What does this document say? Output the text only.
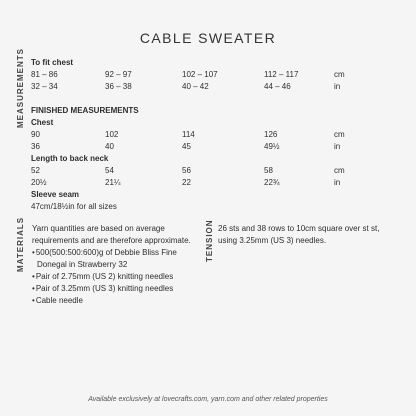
CABLE SWEATER
MEASUREMENTS
MATERIALS	TENSION
To fit chest
81 – 86	92 – 97	102 – 107	112 – 117	cm
32 – 34	36 – 38	40 – 42	44 – 46	in
FINISHED MEASUREMENTS
Chest
90	102	114	126	cm
36	40	45	49½	in
Length to back neck
52	54	56	58	cm
20½	21¼	22	22¾	in
Sleeve seam
47cm/18½in for all sizes
Yarn quantities are based on average requirements and are therefore approximate.
• 500(500:500:600)g of Debbie Bliss Fine
Donegal in Strawberry 32
• Pair of 2.75mm (US 2) knitting needles
• Pair of 3.25mm (US 3) knitting needles
• Cable needle
26 sts and 38 rows to 10cm square over st st, using 3.25mm (US 3) needles.
Available exclusively at lovecrafts.com, yarn.com and other related properties
